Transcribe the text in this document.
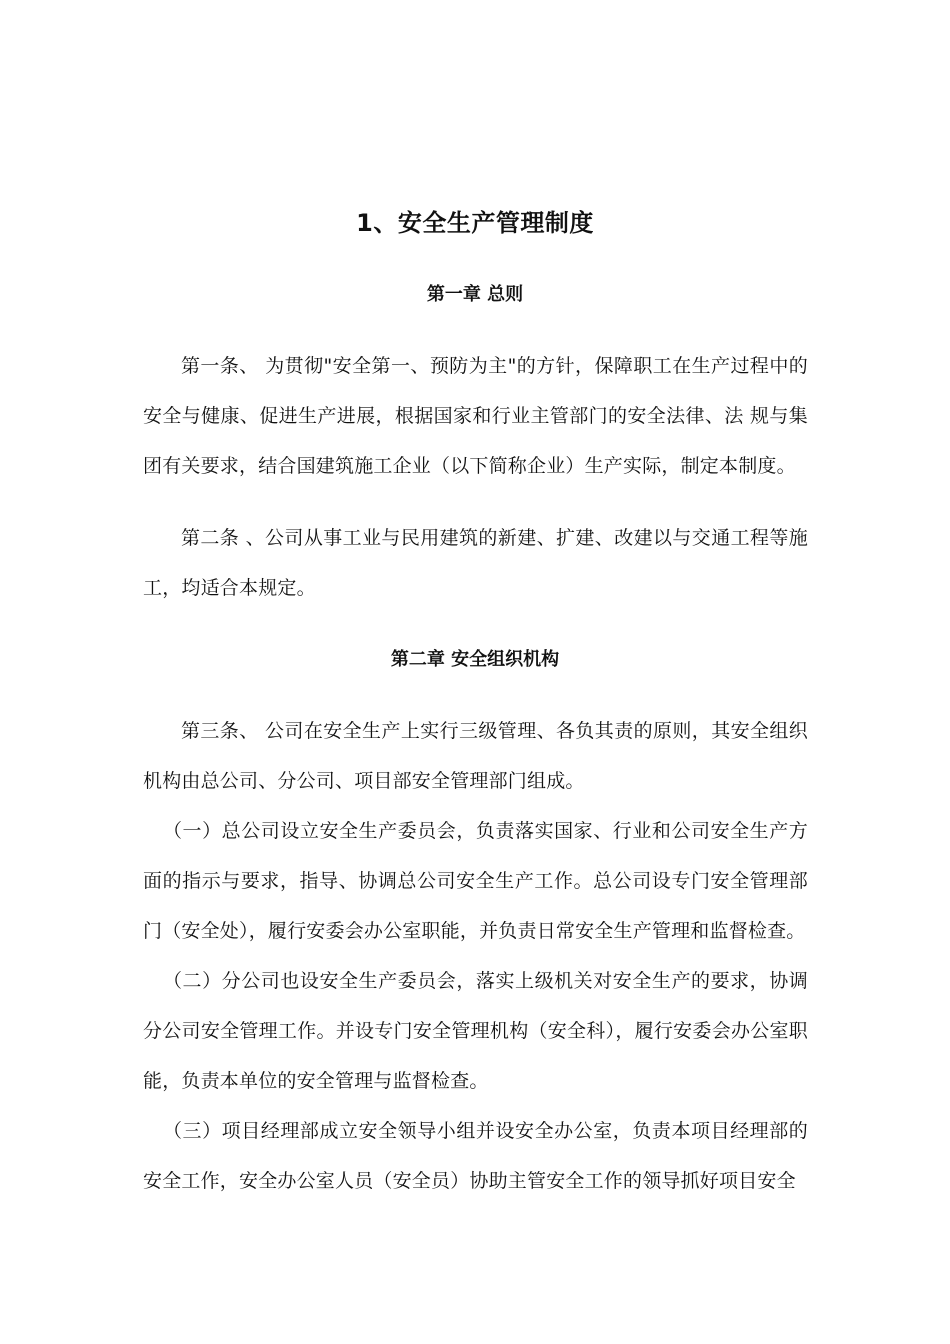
1、安全生产管理制度
第一章 总则
第一条、 为贯彻"安全第一、预防为主"的方针，保障职工在生产过程中的安全与健康、促进生产进展，根据国家和行业主管部门的安全法律、法 规与集团有关要求，结合国建筑施工企业（以下简称企业）生产实际，制定本制度。
第二条 、公司从事工业与民用建筑的新建、扩建、改建以与交通工程等施工，均适合本规定。
第二章 安全组织机构
第三条、 公司在安全生产上实行三级管理、各负其责的原则，其安全组织机构由总公司、分公司、项目部安全管理部门组成。
（一）总公司设立安全生产委员会，负责落实国家、行业和公司安全生产方面的指示与要求，指导、协调总公司安全生产工作。总公司设专门安全管理部门（安全处），履行安委会办公室职能，并负责日常安全生产管理和监督检查。
（二）分公司也设安全生产委员会，落实上级机关对安全生产的要求，协调分公司安全管理工作。并设专门安全管理机构（安全科），履行安委会办公室职能，负责本单位的安全管理与监督检查。
（三）项目经理部成立安全领导小组并设安全办公室，负责本项目经理部的安全工作，安全办公室人员（安全员）协助主管安全工作的领导抓好项目安全
